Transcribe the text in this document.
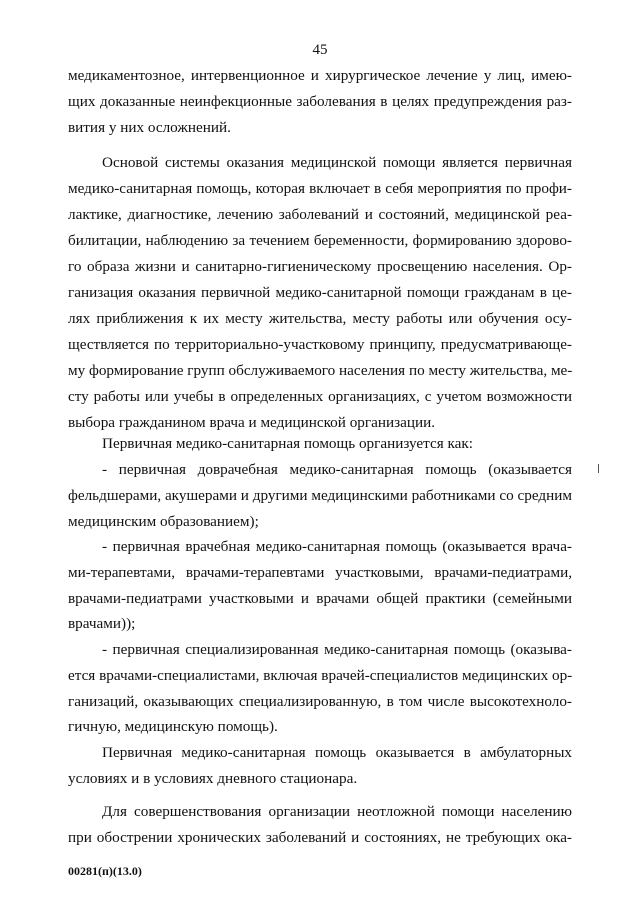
45
медикаментозное, интервенционное и хирургическое лечение у лиц, имею-
щих доказанные неинфекционные заболевания в целях предупреждения раз-
вития у них осложнений.
Основой системы оказания медицинской помощи является первичная
медико-санитарная помощь, которая включает в себя мероприятия по профи-
лактике, диагностике, лечению заболеваний и состояний, медицинской реа-
билитации, наблюдению за течением беременности, формированию здорово-
го образа жизни и санитарно-гигиеническому просвещению населения. Ор-
ганизация оказания первичной медико-санитарной помощи гражданам в це-
лях приближения к их месту жительства, месту работы или обучения осу-
ществляется по территориально-участковому принципу, предусматривающе-
му формирование групп обслуживаемого населения по месту жительства, ме-
сту работы или учебы в определенных организациях, с учетом возможности
выбора гражданином врача и медицинской организации.
Первичная медико-санитарная помощь организуется как:
- первичная доврачебная медико-санитарная помощь (оказывается
фельдшерами, акушерами и другими медицинскими работниками со средним
медицинским образованием);
- первичная врачебная медико-санитарная помощь (оказывается врача-
ми-терапевтами, врачами-терапевтами участковыми, врачами-педиатрами,
врачами-педиатрами участковыми и врачами общей практики (семейными
врачами));
- первичная специализированная медико-санитарная помощь (оказыва-
ется врачами-специалистами, включая врачей-специалистов медицинских ор-
ганизаций, оказывающих специализированную, в том числе высокотехноло-
гичную, медицинскую помощь).
Первичная медико-санитарная помощь оказывается в амбулаторных
условиях и в условиях дневного стационара.
Для совершенствования организации неотложной помощи населению
при обострении хронических заболеваний и состояниях, не требующих ока-
00281(п)(13.0)
